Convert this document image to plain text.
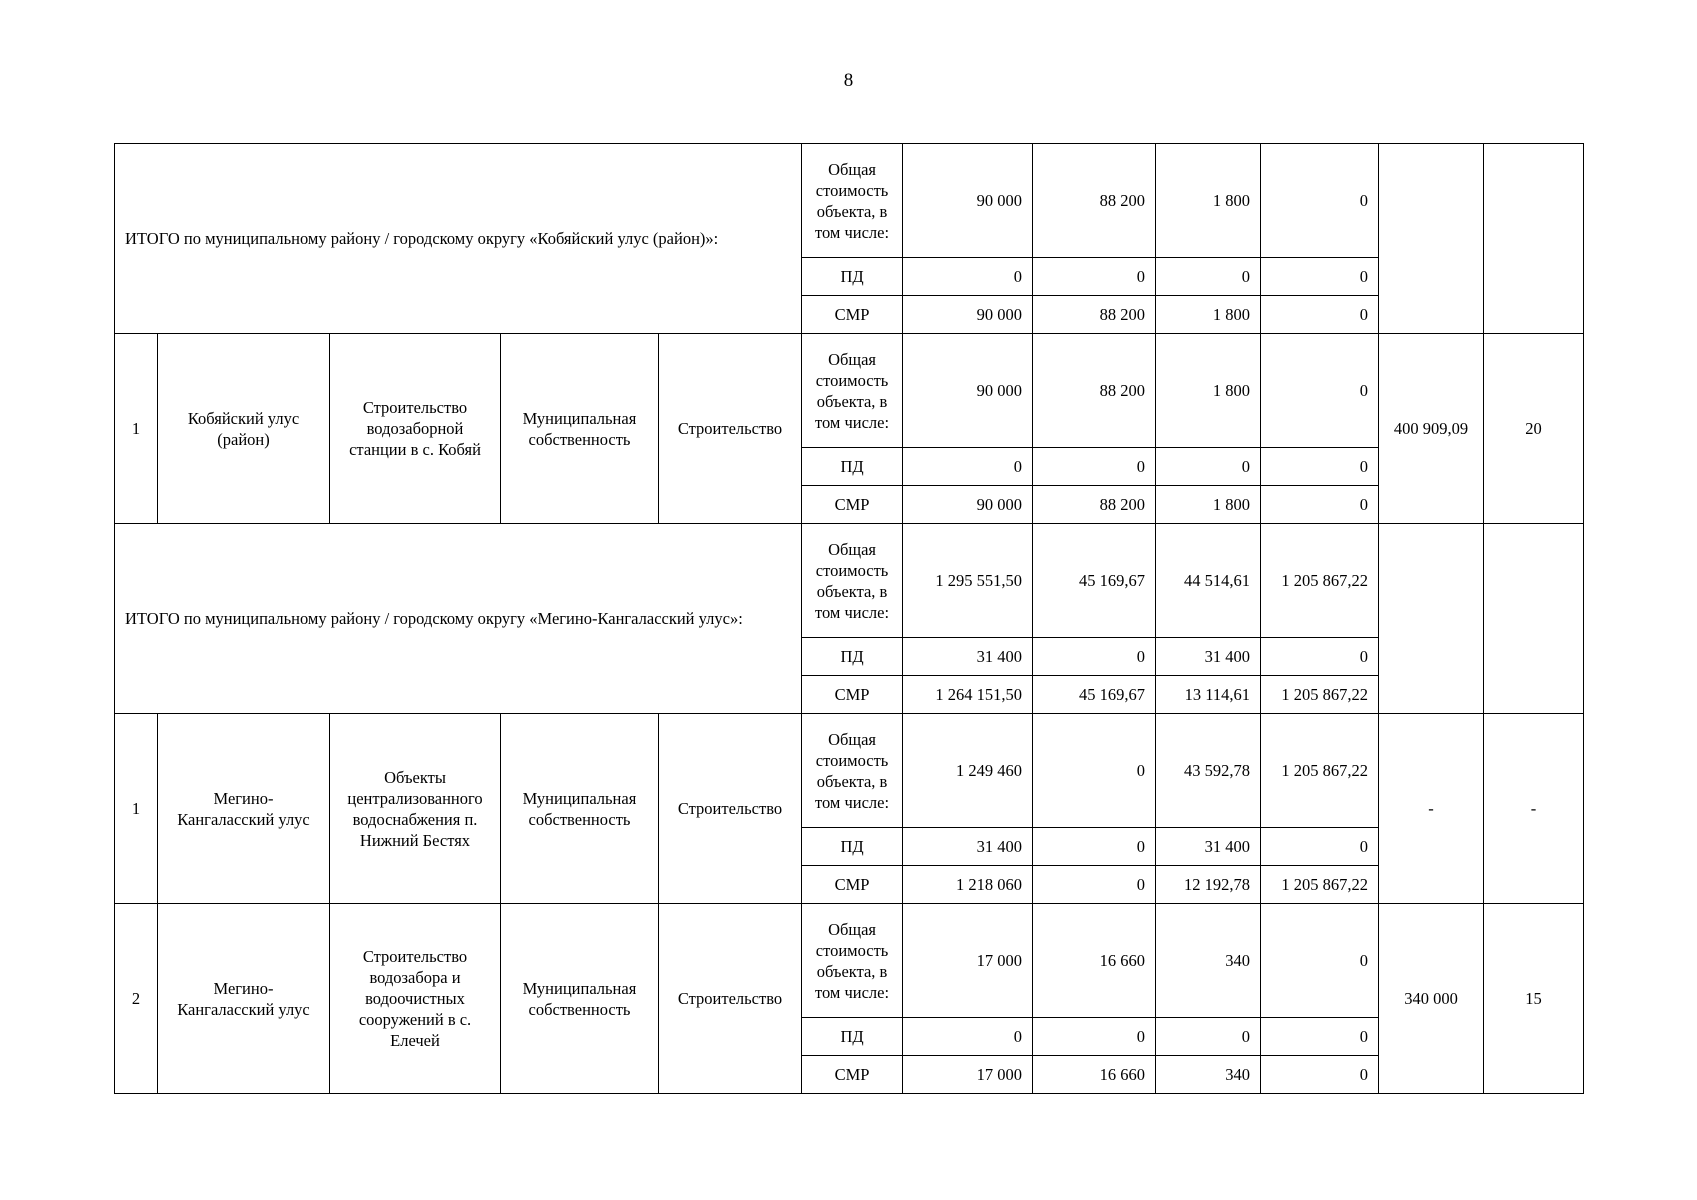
8
ИТОГО по муниципальному району / городскому округу «Кобяйский улус (район)»:					Общая стоимость объекта, в том числе:	90 000	88 200	1 800	0		
					ПД	0	0	0	0		
					СМР	90 000	88 200	1 800	0		
1	Кобяйский улус (район)	Строительство водозаборной станции в с. Кобяй	Муниципальная собственность	Строительство	Общая стоимость объекта, в том числе:	90 000	88 200	1 800	0	400 909,09	20
					ПД	0	0	0	0		
					СМР	90 000	88 200	1 800	0		
ИТОГО по муниципальному району / городскому округу «Мегино-Кангаласский улус»:					Общая стоимость объекта, в том числе:	1 295 551,50	45 169,67	44 514,61	1 205 867,22		
					ПД	31 400	0	31 400	0		
					СМР	1 264 151,50	45 169,67	13 114,61	1 205 867,22		
1	Мегино-Кангаласский улус	Объекты централизованного водоснабжения п. Нижний Бестях	Муниципальная собственность	Строительство	Общая стоимость объекта, в том числе:	1 249 460	0	43 592,78	1 205 867,22	-	-
					ПД	31 400	0	31 400	0		
					СМР	1 218 060	0	12 192,78	1 205 867,22		
2	Мегино-Кангаласский улус	Строительство водозабора и водоочистных сооружений в с. Елечей	Муниципальная собственность	Строительство	Общая стоимость объекта, в том числе:	17 000	16 660	340	0	340 000	15
					ПД	0	0	0	0		
					СМР	17 000	16 660	340	0		
